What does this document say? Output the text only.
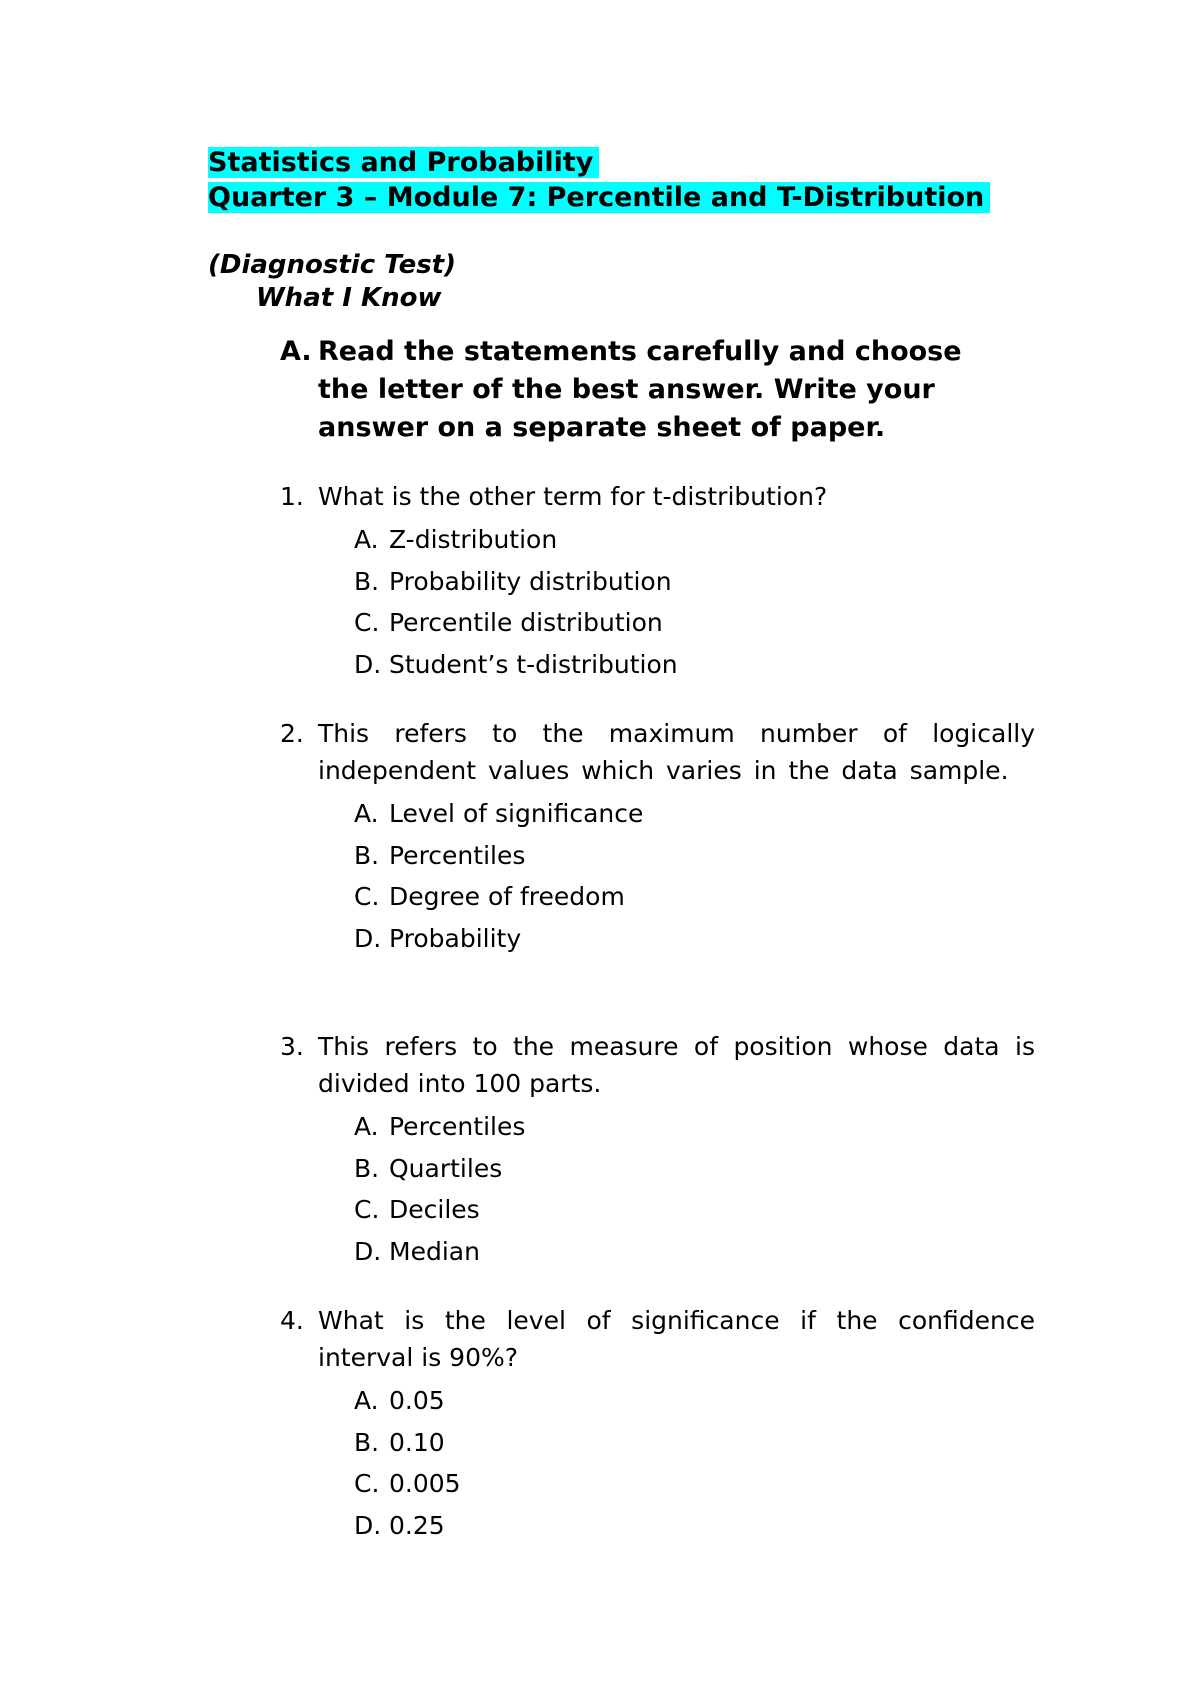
Statistics and Probability
Quarter 3 – Module 7: Percentile and T-Distribution
(Diagnostic Test)
What I Know
A. Read the statements carefully and choose the letter of the best answer. Write your answer on a separate sheet of paper.
1. What is the other term for t-distribution?
A. Z-distribution
B. Probability distribution
C. Percentile distribution
D. Student’s t-distribution
2. This refers to the maximum number of logically independent values which varies in the data sample.
A. Level of significance
B. Percentiles
C. Degree of freedom
D. Probability
3. This refers to the measure of position whose data is divided into 100 parts.
A. Percentiles
B. Quartiles
C. Deciles
D. Median
4. What is the level of significance if the confidence interval is 90%?
A. 0.05
B. 0.10
C. 0.005
D. 0.25
